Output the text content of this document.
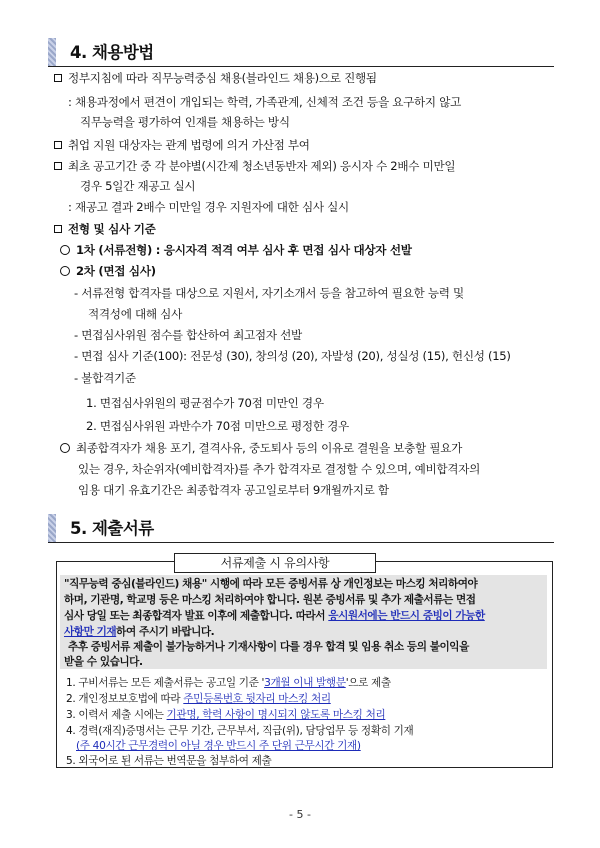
4. 채용방법
정부지침에 따라 직무능력중심 채용(블라인드 채용)으로 진행됨
: 채용과정에서 편견이 개입되는 학력, 가족관계, 신체적 조건 등을 요구하지 않고
직무능력을 평가하여 인재를 채용하는 방식
취업 지원 대상자는 관계 법령에 의거 가산점 부여
최초 공고기간 중 각 분야별(시간제 청소년동반자 제외) 응시자 수 2배수 미만일
경우 5일간 재공고 실시
: 재공고 결과 2배수 미만일 경우 지원자에 대한 심사 실시
전형 및 심사 기준
1차 (서류전형) : 응시자격 적격 여부 심사 후 면접 심사 대상자 선발
2차 (면접 심사)
- 서류전형 합격자를 대상으로 지원서, 자기소개서 등을 참고하여 필요한 능력 및
적격성에 대해 심사
- 면접심사위원 점수를 합산하여 최고점자 선발
- 면접 심사 기준(100): 전문성 (30), 창의성 (20), 자발성 (20), 성실성 (15), 헌신성 (15)
- 불합격기준
1. 면접심사위원의 평균점수가 70점 미만인 경우
2. 면접심사위원 과반수가 70점 미만으로 평정한 경우
최종합격자가 채용 포기, 결격사유, 중도퇴사 등의 이유로 결원을 보충할 필요가
있는 경우, 차순위자(예비합격자)를 추가 합격자로 결정할 수 있으며, 예비합격자의
임용 대기 유효기간은 최종합격자 공고일로부터 9개월까지로 함
5. 제출서류
서류제출 시 유의사항
"직무능력 중심(블라인드) 채용" 시행에 따라 모든 증빙서류 상 개인정보는 마스킹 처리하여야
하며, 기관명, 학교명 등은 마스킹 처리하여야 합니다. 원본 증빙서류 및 추가 제출서류는 면접
심사 당일 또는 최종합격자 발표 이후에 제출합니다. 따라서 응시원서에는 반드시 증빙이 가능한
사항만 기재하여 주시기 바랍니다.
추후 증빙서류 제출이 불가능하거나 기재사항이 다를 경우 합격 및 임용 취소 등의 불이익을
받을 수 있습니다.
1. 구비서류는 모든 제출서류는 공고일 기준 '3개월 이내 발행분'으로 제출
2. 개인정보보호법에 따라 주민등록번호 뒷자리 마스킹 처리
3. 이력서 제출 시에는 기관명, 학력 사항이 명시되지 않도록 마스킹 처리
4. 경력(재직)증명서는 근무 기간, 근무부서, 직급(위), 담당업무 등 정확히 기재
(주 40시간 근무경력이 아닐 경우 반드시 주 단위 근무시간 기재)
5. 외국어로 된 서류는 번역문을 첨부하여 제출
- 5 -
